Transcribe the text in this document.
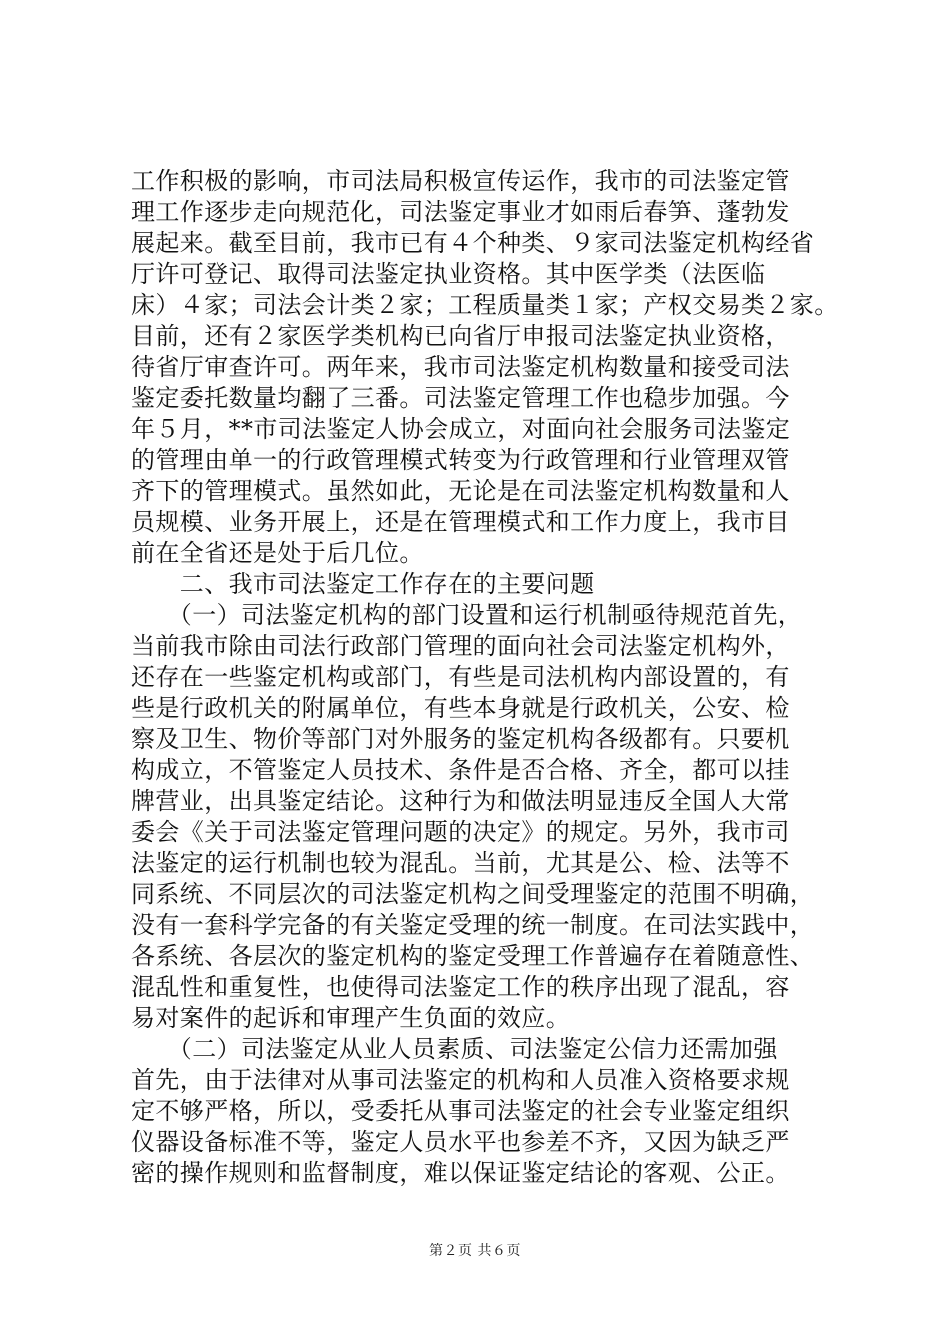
工作积极的影响，市司法局积极宣传运作，我市的司法鉴定管
理工作逐步走向规范化，司法鉴定事业才如雨后春笋、蓬勃发
展起来。截至目前，我市已有４个种类、９家司法鉴定机构经省
厅许可登记、取得司法鉴定执业资格。其中医学类（法医临
床）４家；司法会计类２家；工程质量类１家；产权交易类２家。
目前，还有２家医学类机构已向省厅申报司法鉴定执业资格，
待省厅审查许可。两年来，我市司法鉴定机构数量和接受司法
鉴定委托数量均翻了三番。司法鉴定管理工作也稳步加强。今
年５月，**市司法鉴定人协会成立，对面向社会服务司法鉴定
的管理由单一的行政管理模式转变为行政管理和行业管理双管
齐下的管理模式。虽然如此，无论是在司法鉴定机构数量和人
员规模、业务开展上，还是在管理模式和工作力度上，我市目
前在全省还是处于后几位。
　　二、我市司法鉴定工作存在的主要问题
　　（一）司法鉴定机构的部门设置和运行机制亟待规范首先，
当前我市除由司法行政部门管理的面向社会司法鉴定机构外，
还存在一些鉴定机构或部门，有些是司法机构内部设置的，有
些是行政机关的附属单位，有些本身就是行政机关，公安、检
察及卫生、物价等部门对外服务的鉴定机构各级都有。只要机
构成立，不管鉴定人员技术、条件是否合格、齐全，都可以挂
牌营业，出具鉴定结论。这种行为和做法明显违反全国人大常
委会《关于司法鉴定管理问题的决定》的规定。另外，我市司
法鉴定的运行机制也较为混乱。当前，尤其是公、检、法等不
同系统、不同层次的司法鉴定机构之间受理鉴定的范围不明确，
没有一套科学完备的有关鉴定受理的统一制度。在司法实践中，
各系统、各层次的鉴定机构的鉴定受理工作普遍存在着随意性、
混乱性和重复性，也使得司法鉴定工作的秩序出现了混乱，容
易对案件的起诉和审理产生负面的效应。
　　（二）司法鉴定从业人员素质、司法鉴定公信力还需加强
首先，由于法律对从事司法鉴定的机构和人员准入资格要求规
定不够严格，所以，受委托从事司法鉴定的社会专业鉴定组织
仪器设备标准不等，鉴定人员水平也参差不齐，又因为缺乏严
密的操作规则和监督制度，难以保证鉴定结论的客观、公正。
第２页 共６页
